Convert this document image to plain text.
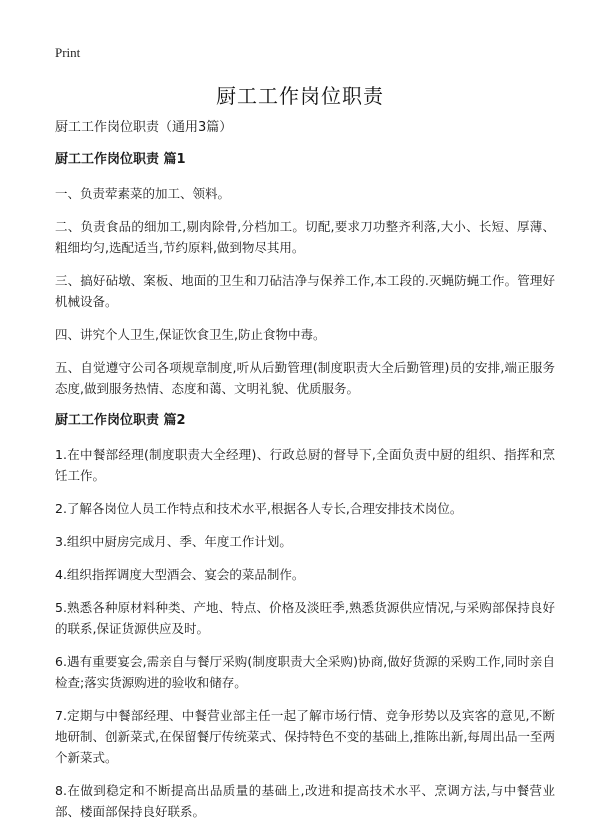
Print
厨工工作岗位职责

厨工工作岗位职责（通用3篇）

厨工工作岗位职责 篇1

一、负责荤素菜的加工、领料。

二、负责食品的细加工,剔肉除骨,分档加工。切配,要求刀功整齐利落,大小、长短、厚薄、粗细均匀,选配适当,节约原料,做到物尽其用。

三、搞好砧墩、案板、地面的卫生和刀砧洁净与保养工作,本工段的.灭蝇防蝇工作。管理好机械设备。

四、讲究个人卫生,保证饮食卫生,防止食物中毒。

五、自觉遵守公司各项规章制度,听从后勤管理(制度职责大全后勤管理)员的安排,端正服务态度,做到服务热情、态度和蔼、文明礼貌、优质服务。

厨工工作岗位职责 篇2

1.在中餐部经理(制度职责大全经理)、行政总厨的督导下,全面负责中厨的组织、指挥和烹饪工作。

2.了解各岗位人员工作特点和技术水平,根据各人专长,合理安排技术岗位。

3.组织中厨房完成月、季、年度工作计划。

4.组织指挥调度大型酒会、宴会的菜品制作。

5.熟悉各种原材料种类、产地、特点、价格及淡旺季,熟悉货源供应情况,与采购部保持良好的联系,保证货源供应及时。

6.遇有重要宴会,需亲自与餐厅采购(制度职责大全采购)协商,做好货源的采购工作,同时亲自检查;落实货源购进的验收和储存。

7.定期与中餐部经理、中餐营业部主任一起了解市场行情、竞争形势以及宾客的意见,不断地研制、创新菜式,在保留餐厅传统菜式、保持特色不变的基础上,推陈出新,每周出品一至两个新菜式。

8.在做到稳定和不断提高出品质量的基础上,改进和提高技术水平、烹调方法,与中餐营业部、楼面部保持良好联系。
